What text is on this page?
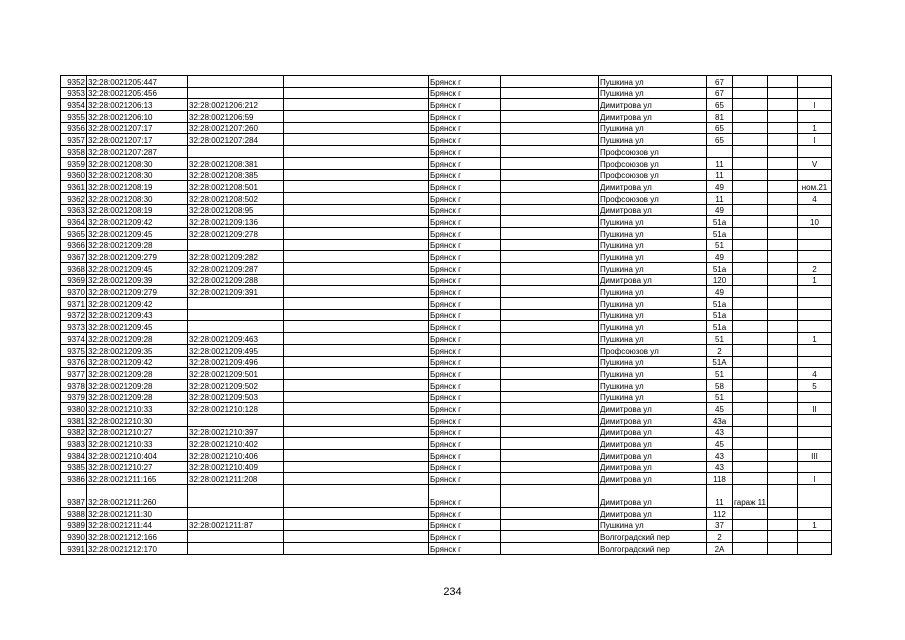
9352	32:28:0021205:447			Брянск г		Пушкина ул	67			
9353	32:28:0021205:456			Брянск г		Пушкина ул	67			
9354	32:28:0021206:13	32:28:0021206:212		Брянск г		Димитрова ул	65			I
9355	32:28:0021206:10	32:28:0021206:59		Брянск г		Димитрова ул	81			
9356	32:28:0021207:17	32:28:0021207:260		Брянск г		Пушкина ул	65			1
9357	32:28:0021207:17	32:28:0021207:284		Брянск г		Пушкина ул	65			I
9358	32:28:0021207:287			Брянск г		Профсоюзов ул				
9359	32:28:0021208:30	32:28:0021208:381		Брянск г		Профсоюзов ул	11			V
9360	32:28:0021208:30	32:28:0021208:385		Брянск г		Профсоюзов ул	11			
9361	32:28:0021208:19	32:28:0021208:501		Брянск г		Димитрова ул	49			ном.21
9362	32:28:0021208:30	32:28:0021208:502		Брянск г		Профсоюзов ул	11			4
9363	32:28:0021208:19	32:28:0021208:95		Брянск г		Димитрова ул	49			
9364	32:28:0021209:42	32:28:0021209:136		Брянск г		Пушкина ул	51а			10
9365	32:28:0021209:45	32:28:0021209:278		Брянск г		Пушкина ул	51а			
9366	32:28:0021209:28			Брянск г		Пушкина ул	51			
9367	32:28:0021209:279	32:28:0021209:282		Брянск г		Пушкина ул	49			
9368	32:28:0021209:45	32:28:0021209:287		Брянск г		Пушкина ул	51а			2
9369	32:28:0021209:39	32:28:0021209:288		Брянск г		Димитрова ул	120			1
9370	32:28:0021209:279	32:28:0021209:391		Брянск г		Пушкина ул	49			
9371	32:28:0021209:42			Брянск г		Пушкина ул	51а			
9372	32:28:0021209:43			Брянск г		Пушкина ул	51а			
9373	32:28:0021209:45			Брянск г		Пушкина ул	51а			
9374	32:28:0021209:28	32:28:0021209:463		Брянск г		Пушкина ул	51			1
9375	32:28:0021209:35	32:28:0021209:495		Брянск г		Профсоюзов ул	2			
9376	32:28:0021209:42	32:28:0021209:496		Брянск г		Пушкина ул	51А			
9377	32:28:0021209:28	32:28:0021209:501		Брянск г		Пушкина ул	51			4
9378	32:28:0021209:28	32:28:0021209:502		Брянск г		Пушкина ул	58			5
9379	32:28:0021209:28	32:28:0021209:503		Брянск г		Пушкина ул	51			
9380	32:28:0021210:33	32:28:0021210:128		Брянск г		Димитрова ул	45			II
9381	32:28:0021210:30			Брянск г		Димитрова ул	43а			
9382	32:28:0021210:27	32:28:0021210:397		Брянск г		Димитрова ул	43			
9383	32:28:0021210:33	32:28:0021210:402		Брянск г		Димитрова ул	45			
9384	32:28:0021210:404	32:28:0021210:406		Брянск г		Димитрова ул	43			III
9385	32:28:0021210:27	32:28:0021210:409		Брянск г		Димитрова ул	43			
9386	32:28:0021211:165	32:28:0021211:208		Брянск г		Димитрова ул	118			I
9387	32:28:0021211:260			Брянск г		Димитрова ул	11	гараж 11		
9388	32:28:0021211:30			Брянск г		Димитрова ул	112			
9389	32:28:0021211:44	32:28:0021211:87		Брянск г		Пушкина ул	37			1
9390	32:28:0021212:166			Брянск г		Волгоградский пер	2			
9391	32:28:0021212:170			Брянск г		Волгоградский пер	2А			
234
